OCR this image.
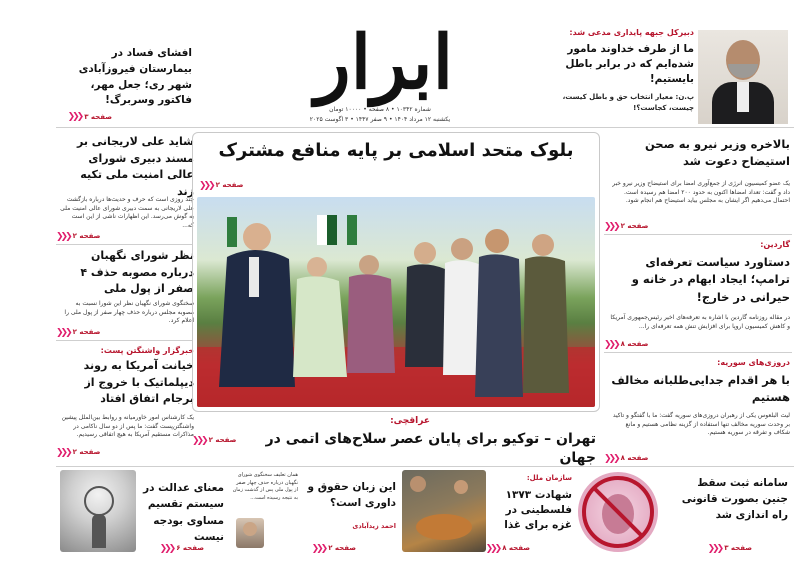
دبیرکل جبهه پایداری مدعی شد:
ما از طرف خداوند مامور شده‌ایم که در برابر باطل بایستیم!
پ.ن: معیار انتخاب حق و باطل کیست، چیست، کجاست؟!
ابرار
شماره ۱۰۳۴۲ • ۸ صفحه • ۱۰۰۰۰ تومان
یکشنبه ۱۲ مرداد ۱۴۰۴ • ۹ صفر ۱۴۴۷ • ۳ اگوست ۲۰۲۵
افشای فساد در بیمارستان فیروزآبادی شهر ری؛ جعل مهر، فاکتور وسربرگ!
صفحه ۳
❮❮❮
بالاخره وزیر نیرو به صحن استیضاح دعوت شد
یک عضو کمیسیون انرژی از جمع‌آوری امضا برای استیضاح وزیر نیرو خبر داد و گفت: تعداد امضاها اکنون به حدود ۲۰۰ امضا هم رسیده است. احتمال می‌دهیم اگر ایشان به مجلس بیاید استیضاح هم انجام شود.
صفحه ۲
❮❮❮
گاردین:
دستاورد سیاست تعرفه‌ای ترامپ؛ ایجاد ابهام در خانه و حیرانی در خارج!
در مقاله روزنامه گاردین با اشاره به تعرفه‌های اخیر رئیس‌جمهوری آمریکا و کاهش کمیسیون اروپا برای افزایش تنش همه تعرفه‌ای را...
صفحه ۸
❮❮❮
دروزی‌های سوریه:
با هر اقدام جدایی‌طلبانه مخالف هستیم
لیث البلعوس یکی از رهبران دروزی‌های سوریه گفت: ما با گفتگو و تاکید بر وحدت سوریه مخالف تنها استفاده از گزینه نظامی هستیم و مانع شکاف و تفرقه در سوریه هستیم.
صفحه ۸
❮❮❮
شاید علی لاریجانی بر مسند دبیری شورای عالی امنیت ملی تکیه زند
چند روزی است که حرف و حدیث‌ها درباره بازگشت علی لاریجانی به سمت دبیری شورای عالی امنیت ملی به گوش می‌رسد. این اظهارات ناشی از این است که...
صفحه ۲
❮❮❮
نظر شورای نگهبان درباره مصوبه حذف ۴ صفر از پول ملی
سخنگوی شورای نگهبان نظر این شورا نسبت به مصوبه مجلس درباره حذف چهار صفر از پول ملی را اعلام کرد.
صفحه ۲
❮❮❮
خبرگزار واشنگتن پست:
خیانت آمریکا به روند دیپلماتیک با خروج از برجام اتفاق افتاد
یک کارشناس امور خاورمیانه و روابط بین‌الملل پیشین واشنگتن‌پست گفت: ما پس از دو سال ناکامی در مذاکرات مستقیم آمریکا به هیچ اتفاقی رسیدیم.
صفحه ۲
❮❮❮
بلوک متحد اسلامی بر پایه منافع مشترک
صفحه ۲
❮❮❮
عراقچی:
تهران – توکیو برای پایان عصر سلاح‌های اتمی در جهان
صفحه ۲
❮❮❮
سامانه ثبت سقط جنین بصورت قانونی راه اندازی شد
صفحه ۳
❮❮❮
سازمان ملل:
شهادت ۱۳۷۳ فلسطینی در غزه برای غذا
صفحه ۸
❮❮❮
همان تعلیف سخنگوی شورای نگهبان درباره حذف چهار صفر از پول ملی پس از گذشت زمان به نتیجه رسیده است...
این زبان حقوق و داوری است؟
احمد زیدآبادی
صفحه ۲
❮❮❮
معنای عدالت در سیستم تقسیم مساوی بودجه نیست
صفحه ۶
❮❮❮
